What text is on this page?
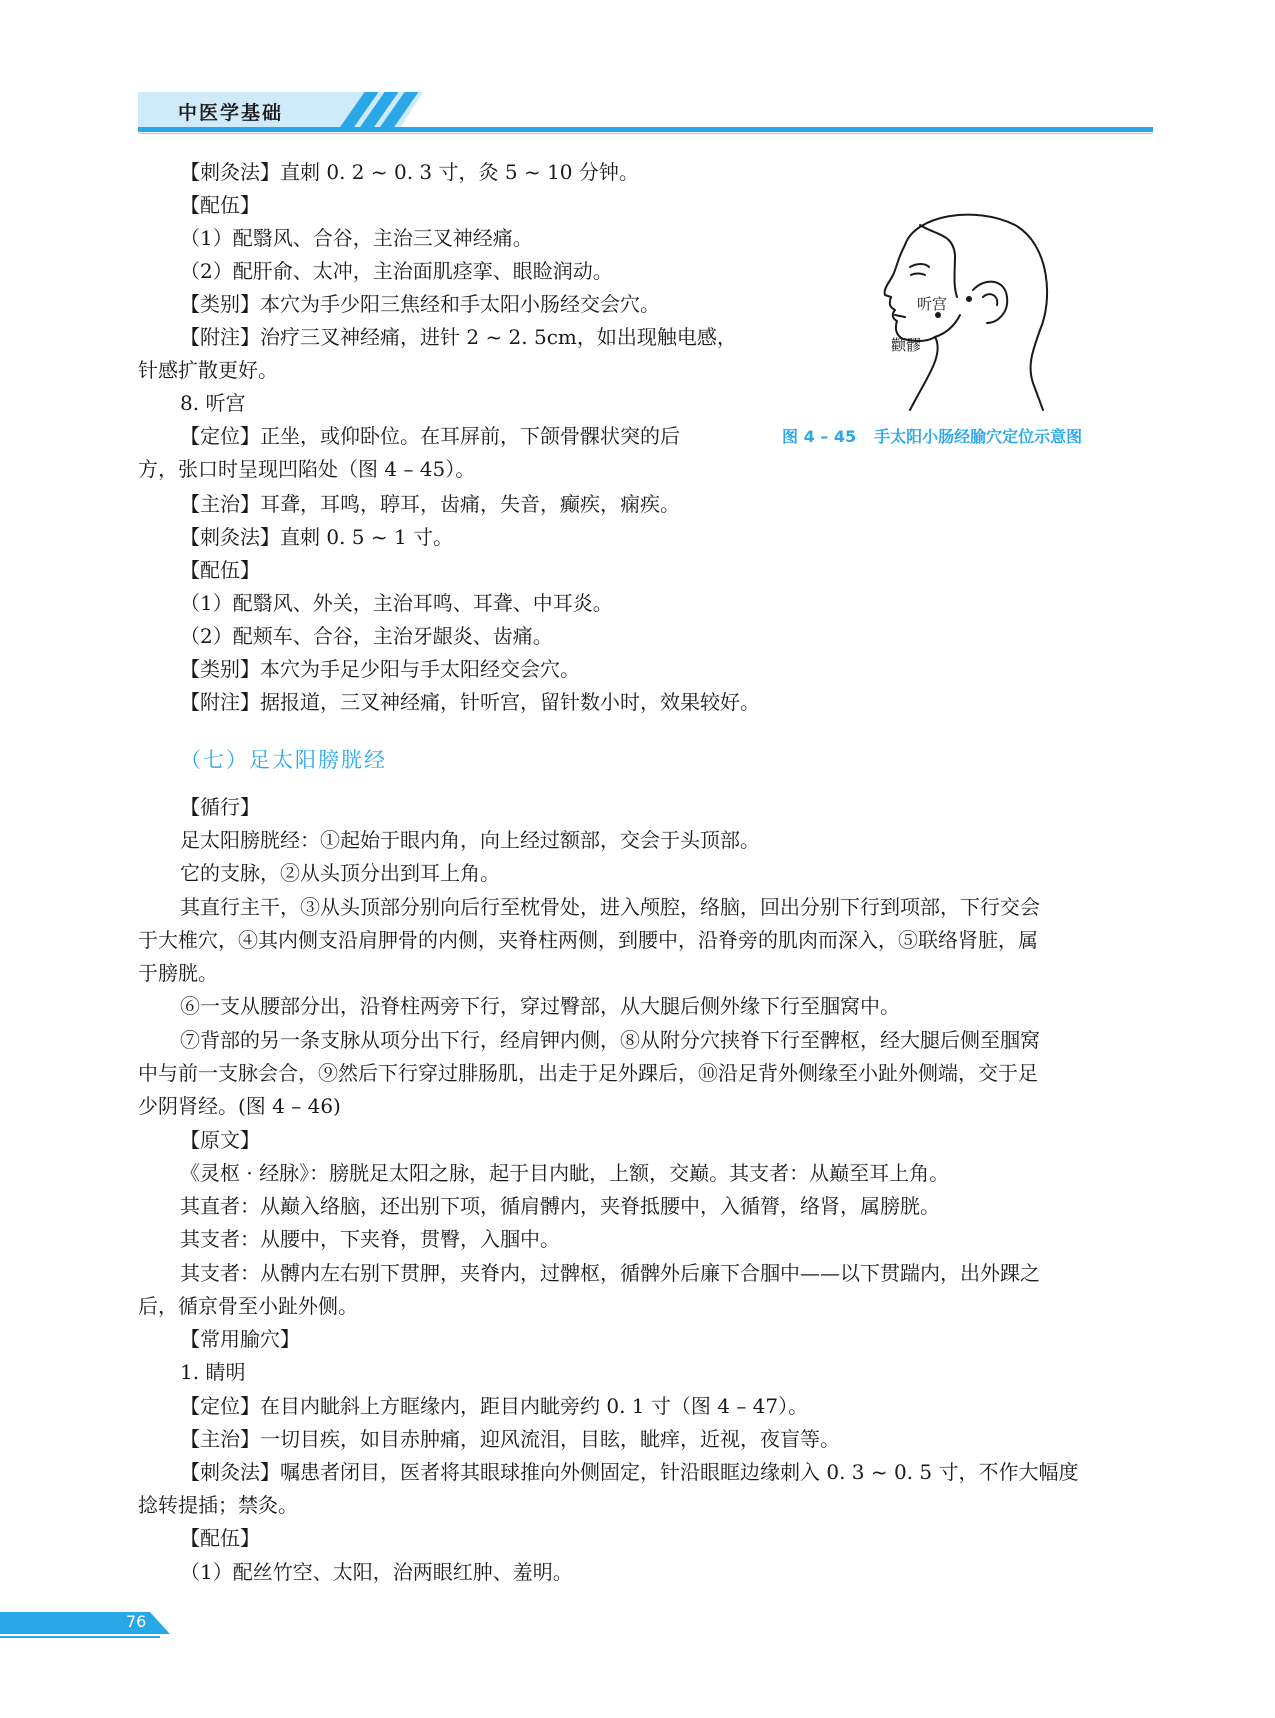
中医学基础
【刺灸法】直刺 0. 2 ~ 0. 3 寸，灸 5 ~ 10 分钟。
【配伍】
（1）配翳风、合谷，主治三叉神经痛。
（2）配肝俞、太冲，主治面肌痉挛、眼睑润动。
【类别】本穴为手少阳三焦经和手太阳小肠经交会穴。
【附注】治疗三叉神经痛，进针 2 ~ 2. 5cm，如出现触电感，
针感扩散更好。
8. 听宫
【定位】正坐，或仰卧位。在耳屏前，下颌骨髁状突的后
方，张口时呈现凹陷处（图 4 – 45）。
【主治】耳聋，耳鸣，聤耳，齿痛，失音，癫疾，痫疾。
【刺灸法】直刺 0. 5 ~ 1 寸。
【配伍】
（1）配翳风、外关，主治耳鸣、耳聋、中耳炎。
（2）配颊车、合谷，主治牙龈炎、齿痛。
【类别】本穴为手足少阳与手太阳经交会穴。
【附注】据报道，三叉神经痛，针听宫，留针数小时，效果较好。
听宫
颧髎
图 4 – 45 手太阳小肠经腧穴定位示意图
（七）足太阳膀胱经
【循行】
足太阳膀胱经：①起始于眼内角，向上经过额部，交会于头顶部。
它的支脉，②从头顶分出到耳上角。
其直行主干，③从头顶部分别向后行至枕骨处，进入颅腔，络脑，回出分别下行到项部，下行交会
于大椎穴，④其内侧支沿肩胛骨的内侧，夹脊柱两侧，到腰中，沿脊旁的肌肉而深入，⑤联络肾脏，属
于膀胱。
⑥一支从腰部分出，沿脊柱两旁下行，穿过臀部，从大腿后侧外缘下行至腘窝中。
⑦背部的另一条支脉从项分出下行，经肩钾内侧，⑧从附分穴挟脊下行至髀枢，经大腿后侧至腘窝
中与前一支脉会合，⑨然后下行穿过腓肠肌，出走于足外踝后，⑩沿足背外侧缘至小趾外侧端，交于足
少阴肾经。(图 4 – 46)
【原文】
《灵枢 · 经脉》：膀胱足太阳之脉，起于目内眦，上额，交巅。其支者：从巅至耳上角。
其直者：从巅入络脑，还出别下项，循肩髆内，夹脊抵腰中，入循膂，络肾，属膀胱。
其支者：从腰中，下夹脊，贯臀，入腘中。
其支者：从髆内左右别下贯胛，夹脊内，过髀枢，循髀外后廉下合腘中——以下贯踹内，出外踝之
后，循京骨至小趾外侧。
【常用腧穴】
1. 睛明
【定位】在目内眦斜上方眶缘内，距目内眦旁约 0. 1 寸（图 4 – 47）。
【主治】一切目疾，如目赤肿痛，迎风流泪，目眩，眦痒，近视，夜盲等。
【刺灸法】嘱患者闭目，医者将其眼球推向外侧固定，针沿眼眶边缘刺入 0. 3 ~ 0. 5 寸，不作大幅度
捻转提插；禁灸。
【配伍】
（1）配丝竹空、太阳，治两眼红肿、羞明。
76
